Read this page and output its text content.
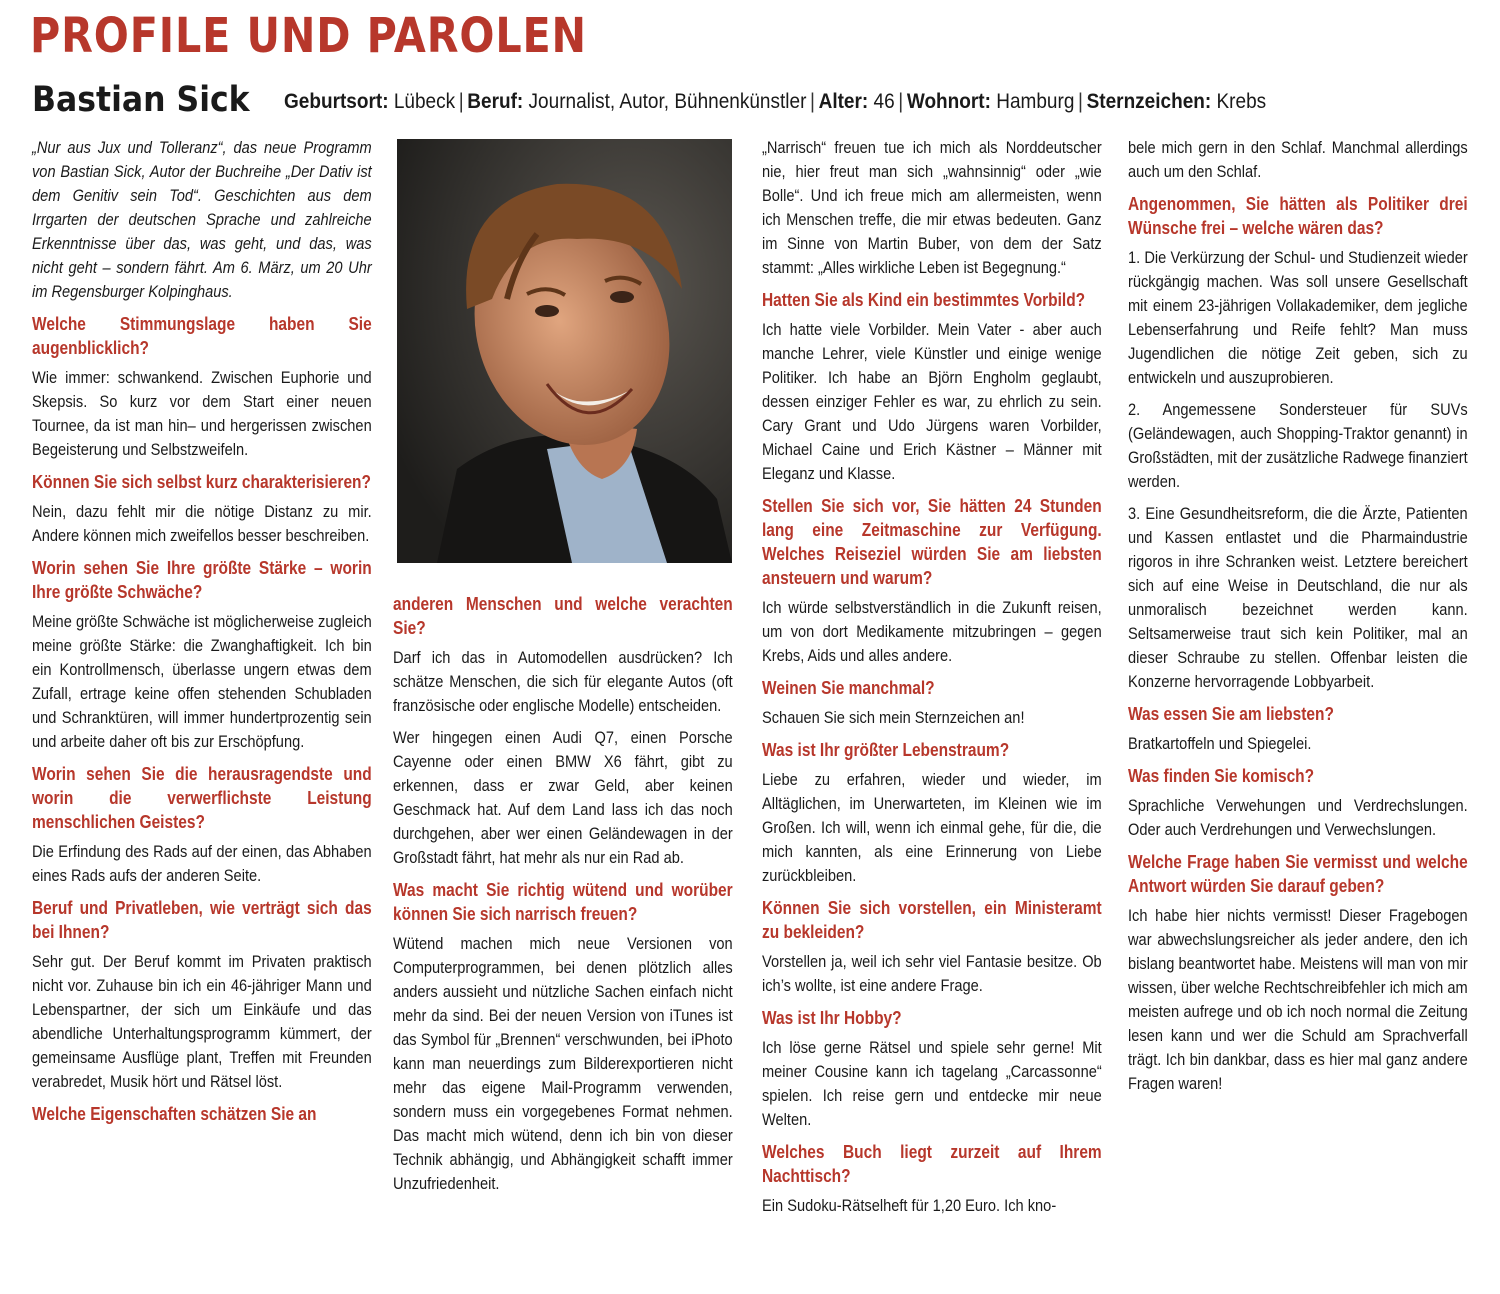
PROFILE UND PAROLEN
Bastian Sick Geburtsort: Lübeck | Beruf: Journalist, Autor, Bühnenkünstler | Alter: 46 | Wohnort: Hamburg | Sternzeichen: Krebs

„Nur aus Jux und Tolleranz“, das neue Programm von Bastian Sick, Autor der Buchreihe „Der Dativ ist dem Genitiv sein Tod“. Geschichten aus dem Irrgarten der deutschen Sprache und zahlreiche Erkenntnisse über das, was geht, und das, was nicht geht – sondern fährt. Am 6. März, um 20 Uhr im Regensburger Kolpinghaus.

Welche Stimmungslage haben Sie augenblicklich?

Wie immer: schwankend. Zwischen Euphorie und Skepsis. So kurz vor dem Start einer neuen Tournee, da ist man hin– und hergerissen zwischen Begeisterung und Selbstzweifeln.

Können Sie sich selbst kurz charakterisieren?

Nein, dazu fehlt mir die nötige Distanz zu mir. Andere können mich zweifellos besser beschreiben.

Worin sehen Sie Ihre größte Stärke – worin Ihre größte Schwäche?

Meine größte Schwäche ist möglicherweise zugleich meine größte Stärke: die Zwanghaftigkeit. Ich bin ein Kontrollmensch, überlasse ungern etwas dem Zufall, ertrage keine offen stehenden Schubladen und Schranktüren, will immer hundertprozentig sein und arbeite daher oft bis zur Erschöpfung.

Worin sehen Sie die herausragendste und worin die verwerflichste Leistung menschlichen Geistes?

Die Erfindung des Rads auf der einen, das Abhaben eines Rads aufs der anderen Seite.

Beruf und Privatleben, wie verträgt sich das bei Ihnen?

Sehr gut. Der Beruf kommt im Privaten praktisch nicht vor. Zuhause bin ich ein 46-jähriger Mann und Lebenspartner, der sich um Einkäufe und das abendliche Unterhaltungsprogramm kümmert, der gemeinsame Ausflüge plant, Treffen mit Freunden verabredet, Musik hört und Rätsel löst.

Welche Eigenschaften schätzen Sie an
anderen Menschen und welche verachten Sie?

Darf ich das in Automodellen ausdrücken? Ich schätze Menschen, die sich für elegante Autos (oft französische oder englische Modelle) entscheiden.

Wer hingegen einen Audi Q7, einen Porsche Cayenne oder einen BMW X6 fährt, gibt zu erkennen, dass er zwar Geld, aber keinen Geschmack hat. Auf dem Land lass ich das noch durchgehen, aber wer einen Geländewagen in der Großstadt fährt, hat mehr als nur ein Rad ab.

Was macht Sie richtig wütend und worüber können Sie sich narrisch freuen?

Wütend machen mich neue Versionen von Computerprogrammen, bei denen plötzlich alles anders aussieht und nützliche Sachen einfach nicht mehr da sind. Bei der neuen Version von iTunes ist das Symbol für „Brennen“ verschwunden, bei iPhoto kann man neuerdings zum Bilderexportieren nicht mehr das eigene Mail-Programm verwenden, sondern muss ein vorgegebenes Format nehmen. Das macht mich wütend, denn ich bin von dieser Technik abhängig, und Abhängigkeit schafft immer Unzufriedenheit.

„Narrisch“ freuen tue ich mich als Norddeutscher nie, hier freut man sich „wahnsinnig“ oder „wie Bolle“. Und ich freue mich am allermeisten, wenn ich Menschen treffe, die mir etwas bedeuten. Ganz im Sinne von Martin Buber, von dem der Satz stammt: „Alles wirkliche Leben ist Begegnung.“

Hatten Sie als Kind ein bestimmtes Vorbild?

Ich hatte viele Vorbilder. Mein Vater - aber auch manche Lehrer, viele Künstler und einige wenige Politiker. Ich habe an Björn Engholm geglaubt, dessen einziger Fehler es war, zu ehrlich zu sein. Cary Grant und Udo Jürgens waren Vorbilder, Michael Caine und Erich Kästner – Männer mit Eleganz und Klasse.

Stellen Sie sich vor, Sie hätten 24 Stunden lang eine Zeitmaschine zur Verfügung. Welches Reiseziel würden Sie am liebsten ansteuern und warum?

Ich würde selbstverständlich in die Zukunft reisen, um von dort Medikamente mitzubringen – gegen Krebs, Aids und alles andere.

Weinen Sie manchmal?

Schauen Sie sich mein Sternzeichen an!

Was ist Ihr größter Lebenstraum?

Liebe zu erfahren, wieder und wieder, im Alltäglichen, im Unerwarteten, im Kleinen wie im Großen. Ich will, wenn ich einmal gehe, für die, die mich kannten, als eine Erinnerung von Liebe zurückbleiben.

Können Sie sich vorstellen, ein Ministeramt zu bekleiden?

Vorstellen ja, weil ich sehr viel Fantasie besitze. Ob ich’s wollte, ist eine andere Frage.

Was ist Ihr Hobby?

Ich löse gerne Rätsel und spiele sehr gerne! Mit meiner Cousine kann ich tagelang „Carcassonne“ spielen. Ich reise gern und entdecke mir neue Welten.

Welches Buch liegt zurzeit auf Ihrem Nachttisch?

Ein Sudoku-Rätselheft für 1,20 Euro. Ich kno-

bele mich gern in den Schlaf. Manchmal allerdings auch um den Schlaf.

Angenommen, Sie hätten als Politiker drei Wünsche frei – welche wären das?

1. Die Verkürzung der Schul- und Studienzeit wieder rückgängig machen. Was soll unsere Gesellschaft mit einem 23-jährigen Vollakademiker, dem jegliche Lebenserfahrung und Reife fehlt? Man muss Jugendlichen die nötige Zeit geben, sich zu entwickeln und auszuprobieren.

2. Angemessene Sondersteuer für SUVs (Geländewagen, auch Shopping-Traktor genannt) in Großstädten, mit der zusätzliche Radwege finanziert werden.

3. Eine Gesundheitsreform, die die Ärzte, Patienten und Kassen entlastet und die Pharmaindustrie rigoros in ihre Schranken weist. Letztere bereichert sich auf eine Weise in Deutschland, die nur als unmoralisch bezeichnet werden kann. Seltsamerweise traut sich kein Politiker, mal an dieser Schraube zu stellen. Offenbar leisten die Konzerne hervorragende Lobbyarbeit.

Was essen Sie am liebsten?

Bratkartoffeln und Spiegelei.

Was finden Sie komisch?

Sprachliche Verwehungen und Verdrechslungen. Oder auch Verdrehungen und Verwechslungen.

Welche Frage haben Sie vermisst und welche Antwort würden Sie darauf geben?

Ich habe hier nichts vermisst! Dieser Fragebogen war abwechslungsreicher als jeder andere, den ich bislang beantwortet habe. Meistens will man von mir wissen, über welche Rechtschreibfehler ich mich am meisten aufrege und ob ich noch normal die Zeitung lesen kann und wer die Schuld am Sprachverfall trägt. Ich bin dankbar, dass es hier mal ganz andere Fragen waren!
